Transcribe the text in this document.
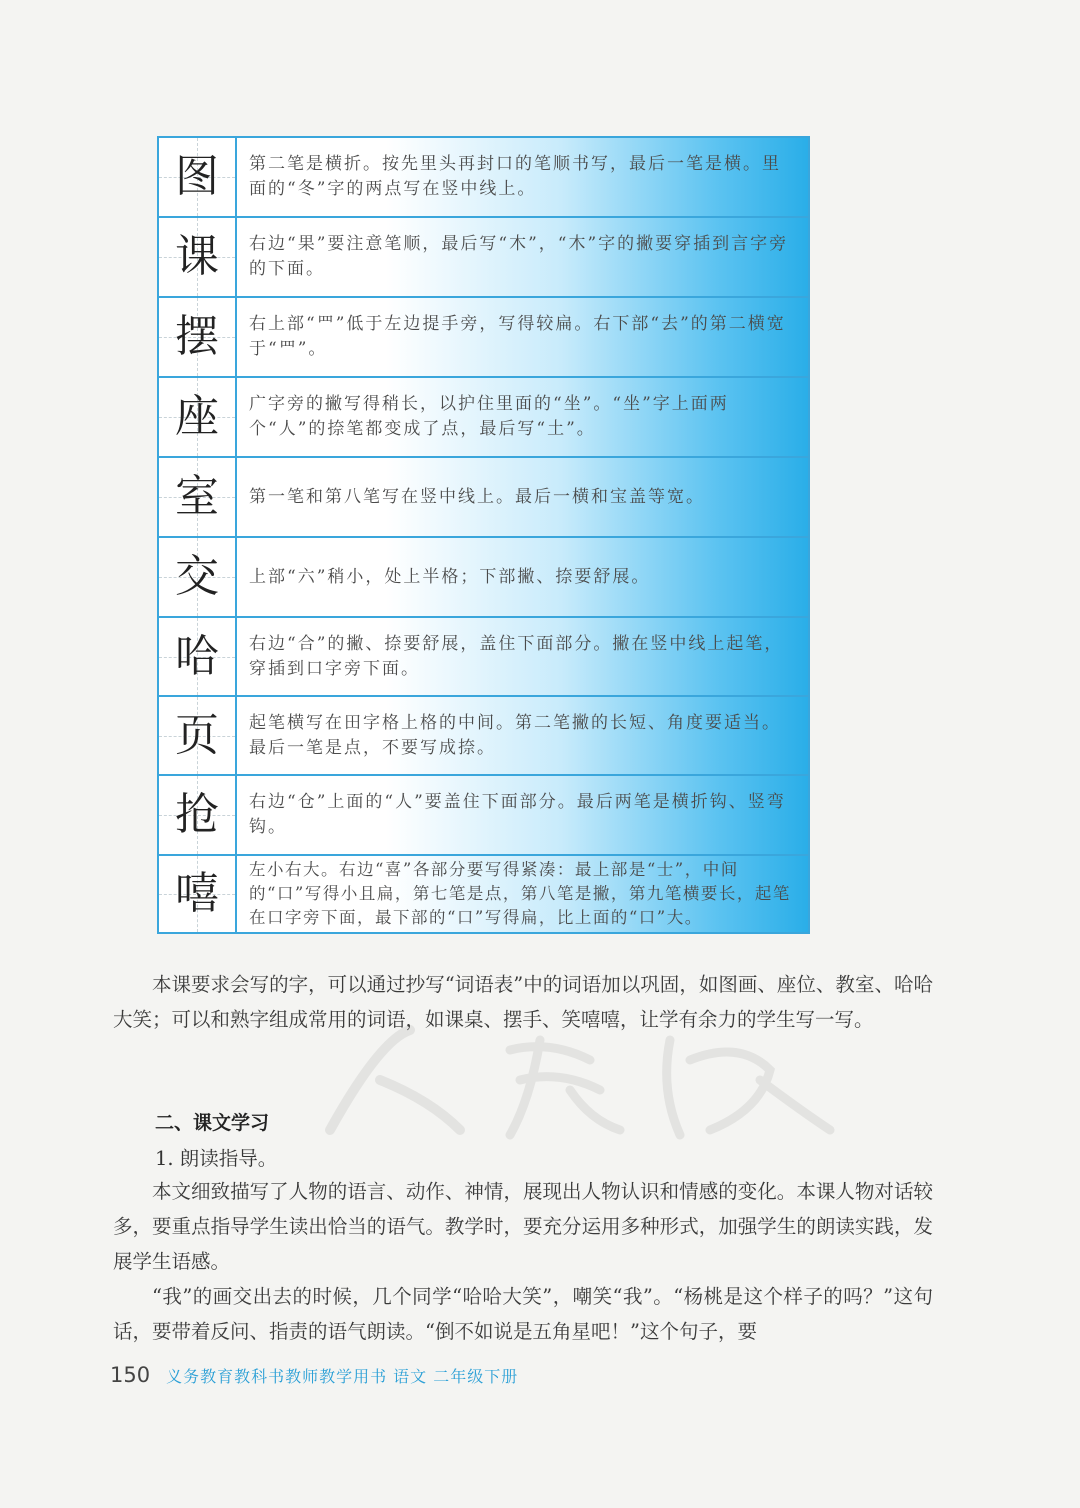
图 第二笔是横折。按先里头再封口的笔顺书写，最后一笔是横。里面的“冬”字的两点写在竖中线上。
课 右边“果”要注意笔顺，最后写“木”，“木”字的撇要穿插到言字旁的下面。
摆 右上部“罒”低于左边提手旁，写得较扁。右下部“去”的第二横宽于“罒”。
座 广字旁的撇写得稍长，以护住里面的“坐”。“坐”字上面两个“人”的捺笔都变成了点，最后写“土”。
室 第一笔和第八笔写在竖中线上。最后一横和宝盖等宽。
交 上部“六”稍小，处上半格；下部撇、捺要舒展。
哈 右边“合”的撇、捺要舒展，盖住下面部分。撇在竖中线上起笔，穿插到口字旁下面。
页 起笔横写在田字格上格的中间。第二笔撇的长短、角度要适当。最后一笔是点，不要写成捺。
抢 右边“仓”上面的“人”要盖住下面部分。最后两笔是横折钩、竖弯钩。
嘻 左小右大。右边“喜”各部分要写得紧凑：最上部是“士”，中间的“口”写得小且扁，第七笔是点，第八笔是撇，第九笔横要长，起笔在口字旁下面，最下部的“口”写得扁，比上面的“口”大。

本课要求会写的字，可以通过抄写“词语表”中的词语加以巩固，如图画、座位、教室、哈哈大笑；可以和熟字组成常用的词语，如课桌、摆手、笑嘻嘻，让学有余力的学生写一写。

二、课文学习
1. 朗读指导。

本文细致描写了人物的语言、动作、神情，展现出人物认识和情感的变化。本课人物对话较多，要重点指导学生读出恰当的语气。教学时，要充分运用多种形式，加强学生的朗读实践，发展学生语感。

“我”的画交出去的时候，几个同学“哈哈大笑”，嘲笑“我”。“杨桃是这个样子的吗？”这句话，要带着反问、指责的语气朗读。“倒不如说是五角星吧！”这个句子，要

150 义务教育教科书教师教学用书 语文 二年级下册
